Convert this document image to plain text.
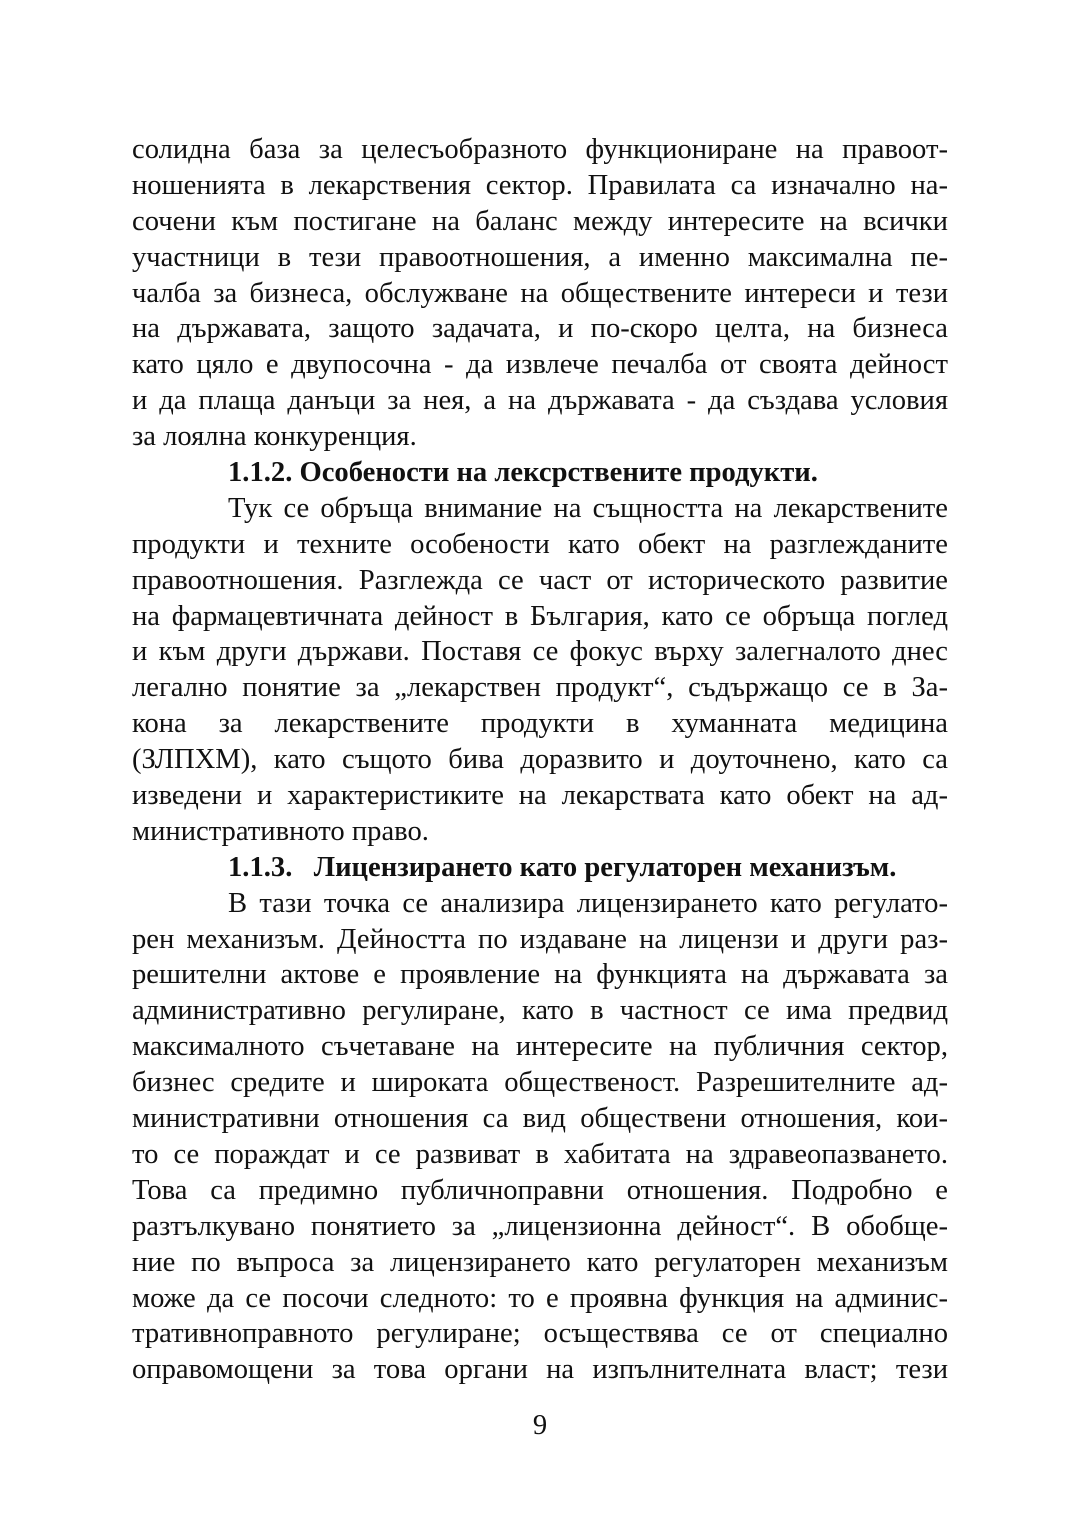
солидна база за целесъобразното функциониране на правоот-
ношенията в лекарствения сектор. Правилата са изначално на-
сочени към постигане на баланс между интересите на всички
участници в тези правоотношения, а именно максимална пе-
чалба за бизнеса, обслужване на обществените интереси и тези
на държавата, защото задачата, и по-скоро целта, на бизнеса
като цяло е двупосочна - да извлече печалба от своята дейност
и да плаща данъци за нея, а на държавата - да създава условия
за лоялна конкуренция.
1.1.2. Особености на лексрствените продукти.
Тук се обръща внимание на същността на лекарствените
продукти и техните особености като обект на разглежданите
правоотношения. Разглежда се част от историческото развитие
на фармацевтичната дейност в България, като се обръща поглед
и към други държави. Поставя се фокус върху залегналото днес
легално понятие за „лекарствен продукт“, съдържащо се в За-
кона за лекарствените продукти в хуманната медицина
(ЗЛПХМ), като същото бива доразвито и доуточнено, като са
изведени и характеристиките на лекарствата като обект на ад-
министративното право.
1.1.3.   Лицензирането като регулаторен механизъм.
В тази точка се анализира лицензирането като регулато-
рен механизъм. Дейността по издаване на лицензи и други раз-
решителни актове е проявление на функцията на държавата за
административно регулиране, като в частност се има предвид
максималното съчетаване на интересите на публичния сектор,
бизнес средите и широката общественост. Разрешителните ад-
министративни отношения са вид обществени отношения, кои-
то се пораждат и се развиват в хабитата на здравеопазването.
Това са предимно публичноправни отношения. Подробно е
разтълкувано понятието за „лицензионна дейност“. В обобще-
ние по въпроса за лицензирането като регулаторен механизъм
може да се посочи следното: то е проявна функция на админис-
тративноправното регулиране; осъществява се от специално
оправомощени за това органи на изпълнителната власт; тези
9
